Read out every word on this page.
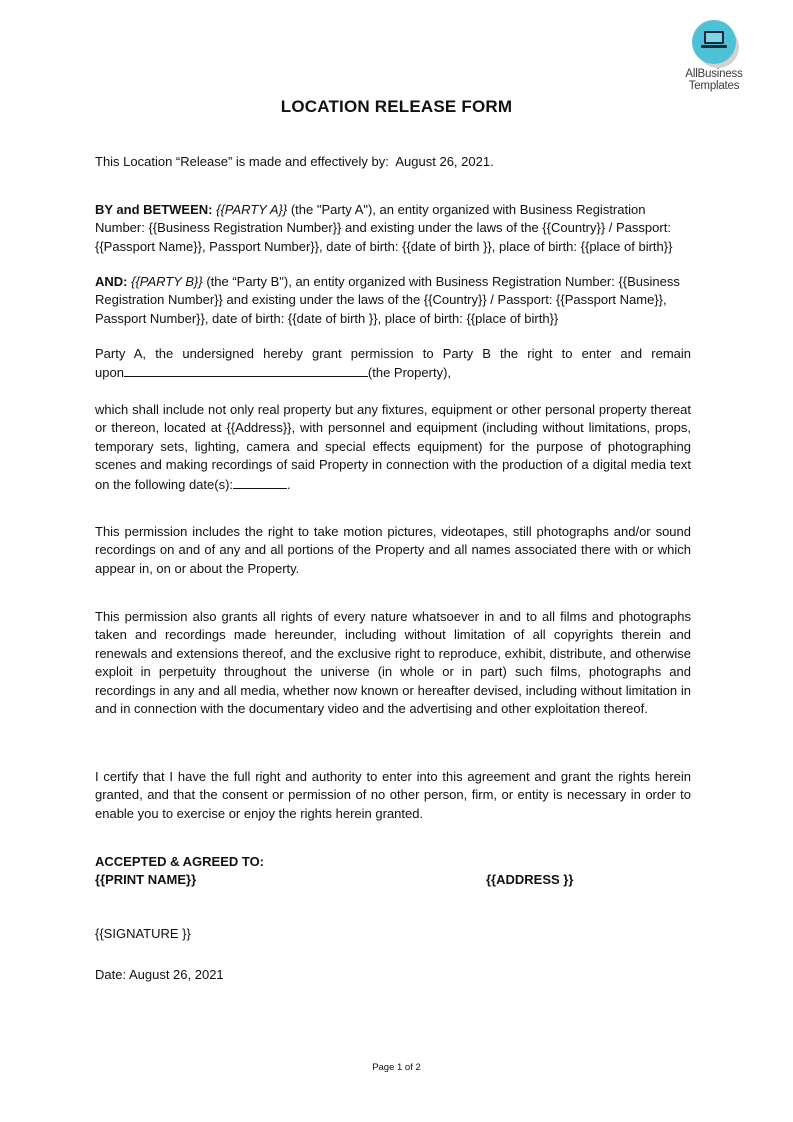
AllBusiness
Templates
LOCATION RELEASE FORM
This Location “Release” is made and effectively by: August 26, 2021.
BY and BETWEEN: {{PARTY A}} (the "Party A"), an entity organized with Business Registration Number: {{Business Registration Number}} and existing under the laws of the {{Country}} / Passport: {{Passport Name}}, Passport Number}}, date of birth: {{date of birth }}, place of birth: {{place of birth}}
AND: {{PARTY B}} (the “Party B"), an entity organized with Business Registration Number: {{Business Registration Number}} and existing under the laws of the {{Country}} / Passport: {{Passport Name}}, Passport Number}}, date of birth: {{date of birth }}, place of birth: {{place of birth}}
Party A, the undersigned hereby grant permission to Party B the right to enter and remain
upon	(the Property),
which shall include not only real property but any fixtures, equipment or other personal property thereat or thereon, located at {{Address}}, with personnel and equipment (including without limitations, props, temporary sets, lighting, camera and special effects equipment) for the purpose of photographing scenes and making recordings of said Property in connection with the production of a digital media text on the following date(s):	.
This permission includes the right to take motion pictures, videotapes, still photographs and/or sound recordings on and of any and all portions of the Property and all names associated there with or which appear in, on or about the Property.
This permission also grants all rights of every nature whatsoever in and to all films and photographs taken and recordings made hereunder, including without limitation of all copyrights therein and renewals and extensions thereof, and the exclusive right to reproduce, exhibit, distribute, and otherwise exploit in perpetuity throughout the universe (in whole or in part) such films, photographs and recordings in any and all media, whether now known or hereafter devised, including without limitation in and in connection with the documentary video and the advertising and other exploitation thereof.
I certify that I have the full right and authority to enter into this agreement and grant the rights herein granted, and that the consent or permission of no other person, firm, or entity is necessary in order to enable you to exercise or enjoy the rights herein granted.
ACCEPTED & AGREED TO:
{{PRINT NAME}}	{{ADDRESS }}
{{SIGNATURE }}
Date: August 26, 2021
Page 1 of 2
